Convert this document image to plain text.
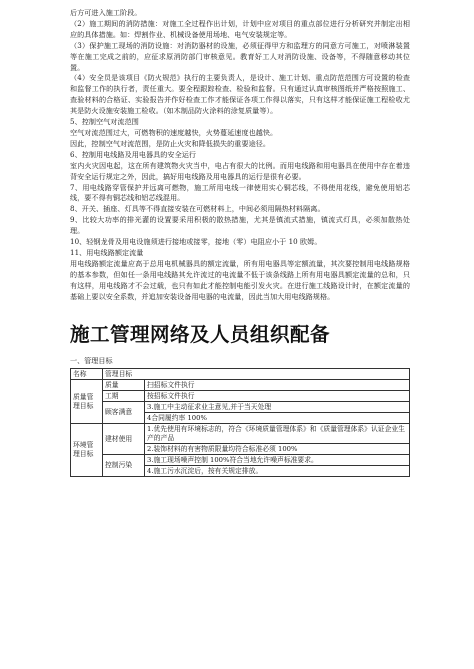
后方可进入施工阶段。

（2）施工期间的消防措施：对施工全过程作出计划，计划中应对项目的重点部位进行分析研究并制定出相应的具体措施。如：焊割作业、机械设备使用场地、电气安装规定等。

（3）保护施工现场的消防设施：对消防器材的设施，必须征得甲方和监理方的同意方可施工，对喷淋装置等在施工完成之前的，应征求原消防部门审核意见。教育好工人对消防设施、设备等，不得随意移动其位置。

（4）安全员是该项目《防火规范》执行的主要负责人，是设计、施工计划、重点防范范围方可设置的检查和监督工作的执行者，责任重大。要全程跟踪检查、检验和监督。只有通过认真审核图纸并严格按照施工、查验材料的合格证、实验报告并作好检查工作才能保证各项工作得以落实，只有这样才能保证施工程检收尤其是防火设施安装施工检收。（如木制品防火涂料的涂复质量等）。

5、控制空气对流范围

空气对流范围过大，可燃物积的速度越快，火势蔓延速度也越快。

因此，控制空气对流范围，是防止火灾和降低损失的重要途径。

6、控制用电线路及用电器具的安全运行

室内火灾因电起，这在所有建筑物火灾当中，电占有很大的比例。而用电线路和用电器具在使用中存在着违背安全运行规定之外，因此，搞好用电线路及用电器具的运行是很有必要。

7、用电线路穿管保护并远离可燃物，施工所用电线一律使用实心铜芯线，不得使用花线，避免使用铝芯线，要不得有铜芯线和铝芯线混用。

8、开关、插座、灯具等不得直接安装在可燃材料上，中间必须用隔热材料隔离。

9、比较大功率的排光灌的设置要采用积极的散热措施，尤其是镇流式措施，镇流式灯具，必须加散热处理。

10、轻钢龙骨及用电设施须进行接地或接零，接地（零）电阻应小于 10 欧姆。

11、用电线路额定流量

用电线路额定流量应高于总用电机械器具的额定流量，所有用电器具等定额流量，其次要控制用电线路规格的基本参数，但如任一条用电线路其允许流过的电流量不低于该条线路上所有用电器具额定流量的总和，只有这样，用电线路才不会过载，也只有如此才能控制电能引发火灾。在进行施工线路设计时，在额定流量的基础上要以安全系数，并追加安装设备用电器的电流量，因此当加大用电线路规格。

施工管理网络及人员组织配备

一、管理目标

名称	管理目标	
质量管理目标	质量	扫招标文件执行
	工期	按招标文件执行
	顾客满意	3.施工中主动征求业主意见,并于当天处理
		4合同履约率 100%
环境管理目标	建材使用	1.优先使用有环境标志的，符合《环境质量管理体系》和《质量管理体系》认证企业生产的产品
		2.装饰材料的有害物质限量均符合标准必须 100%
	控制污染	3.施工现场噪声控制 100%符合当地允许噪声标准要求。
		4.施工污水沉淀后，按有关规定排放。
